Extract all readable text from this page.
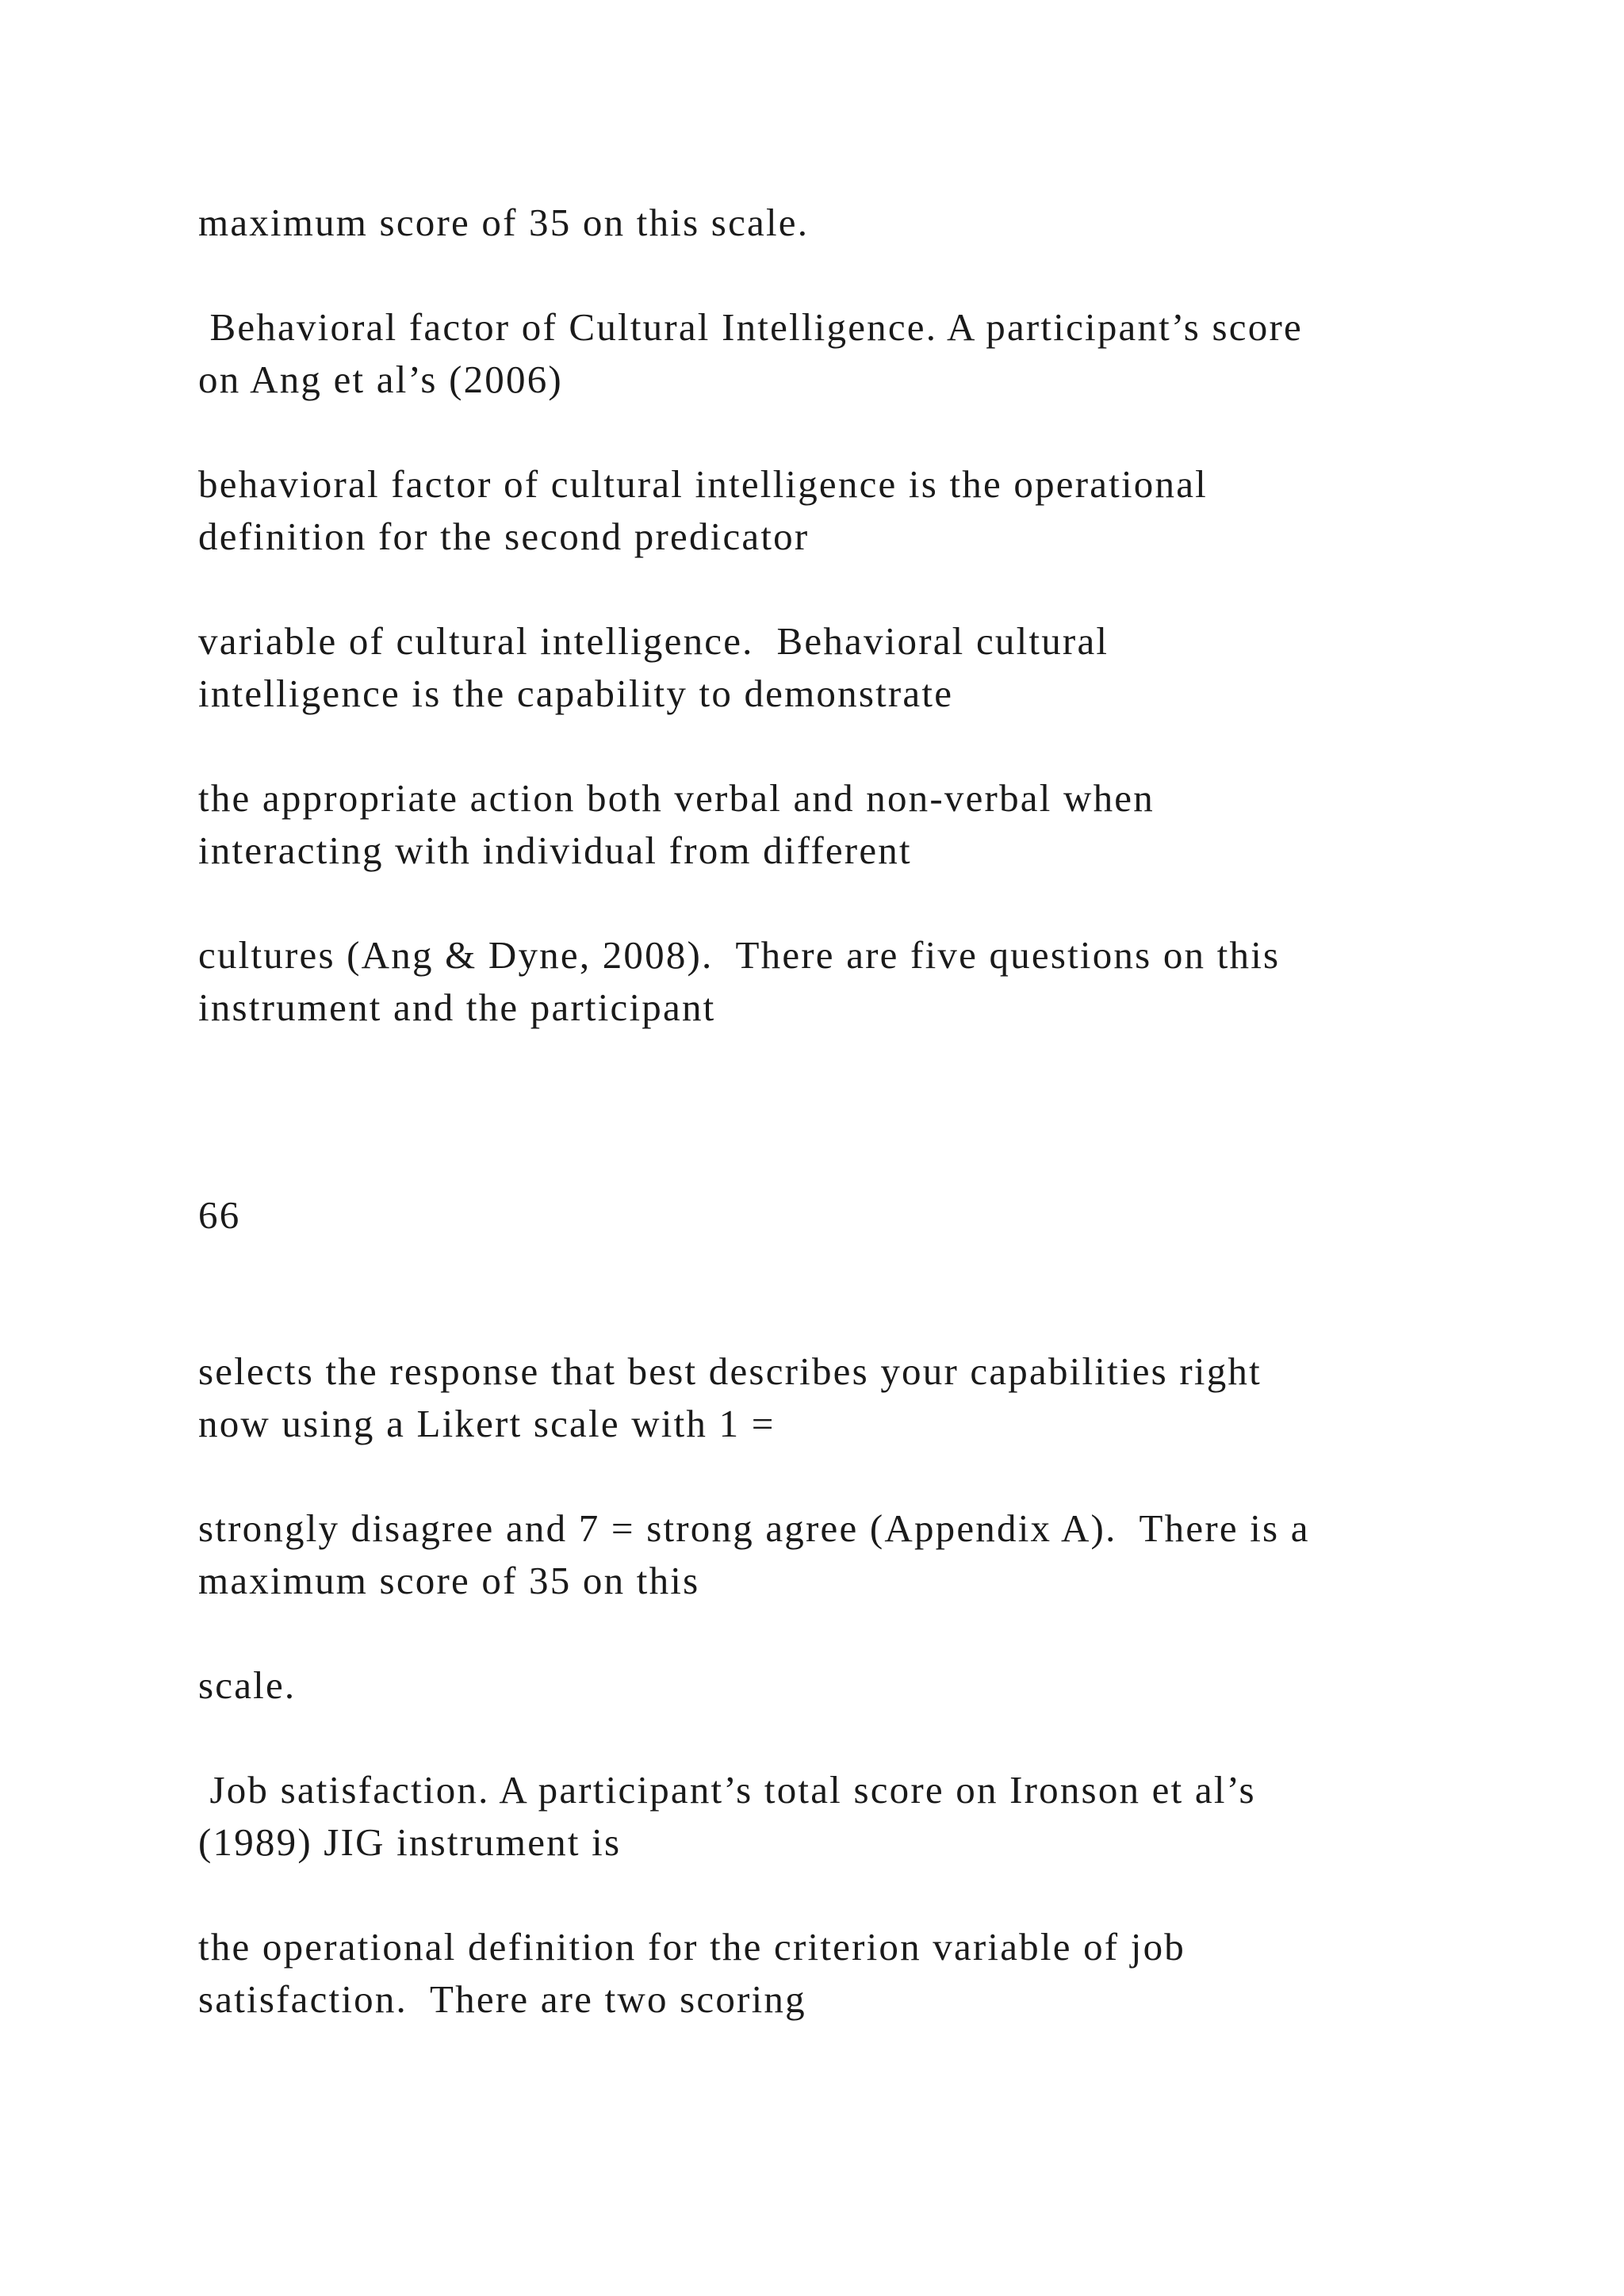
maximum score of 35 on this scale.

Behavioral factor of Cultural Intelligence. A participant’s score
on Ang et al’s (2006)

behavioral factor of cultural intelligence is the operational
definition for the second predicator

variable of cultural intelligence.  Behavioral cultural
intelligence is the capability to demonstrate

the appropriate action both verbal and non-verbal when
interacting with individual from different

cultures (Ang & Dyne, 2008).  There are five questions on this
instrument and the participant

66

selects the response that best describes your capabilities right
now using a Likert scale with 1 =

strongly disagree and 7 = strong agree (Appendix A).  There is a
maximum score of 35 on this

scale.

Job satisfaction. A participant’s total score on Ironson et al’s
(1989) JIG instrument is

the operational definition for the criterion variable of job
satisfaction.  There are two scoring
